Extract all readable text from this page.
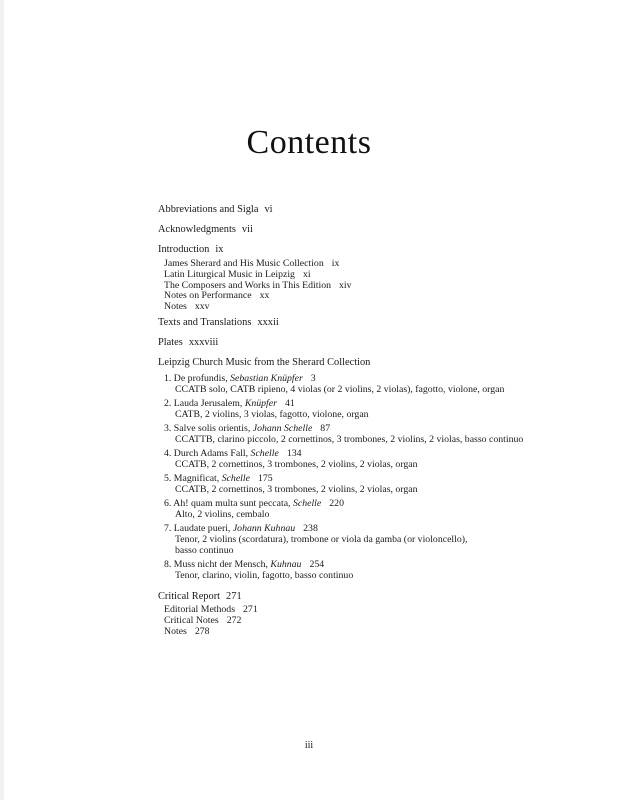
Contents
Abbreviations and Sigla vi
Acknowledgments vii
Introduction ix
James Sherard and His Music Collection ix
Latin Liturgical Music in Leipzig xi
The Composers and Works in This Edition xiv
Notes on Performance xx
Notes xxv
Texts and Translations xxxii
Plates xxxviii
Leipzig Church Music from the Sherard Collection
1. De profundis, Sebastian Knüpfer 3
CCATB solo, CATB ripieno, 4 violas (or 2 violins, 2 violas), fagotto, violone, organ
2. Lauda Jerusalem, Knüpfer 41
CATB, 2 violins, 3 violas, fagotto, violone, organ
3. Salve solis orientis, Johann Schelle 87
CCATTB, clarino piccolo, 2 cornettinos, 3 trombones, 2 violins, 2 violas, basso continuo
4. Durch Adams Fall, Schelle 134
CCATB, 2 cornettinos, 3 trombones, 2 violins, 2 violas, organ
5. Magnificat, Schelle 175
CCATB, 2 cornettinos, 3 trombones, 2 violins, 2 violas, organ
6. Ah! quam multa sunt peccata, Schelle 220
Alto, 2 violins, cembalo
7. Laudate pueri, Johann Kuhnau 238
Tenor, 2 violins (scordatura), trombone or viola da gamba (or violoncello),
basso continuo
8. Muss nicht der Mensch, Kuhnau 254
Tenor, clarino, violin, fagotto, basso continuo
Critical Report 271
Editorial Methods 271
Critical Notes 272
Notes 278
iii
